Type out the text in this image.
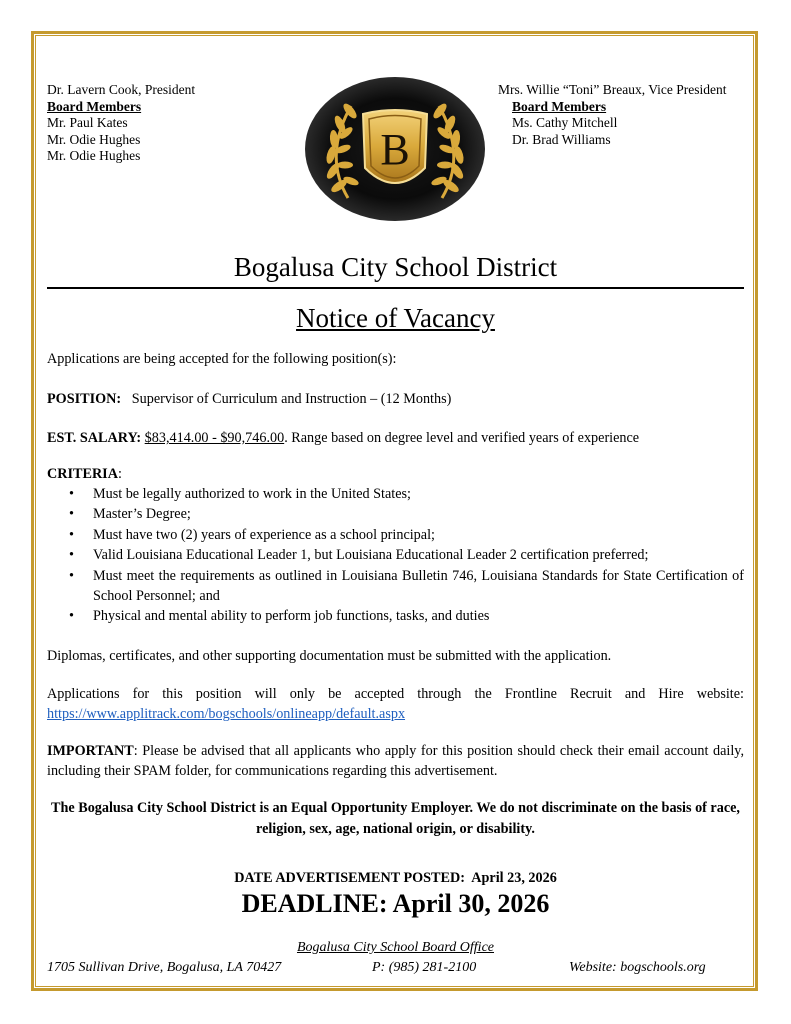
Dr. Lavern Cook, President
Board Members
Mr. Paul Kates
Mr. Odie Hughes
Mr. Odie Hughes
Mrs. Willie “Toni” Breaux, Vice President
Board Members
Ms. Cathy Mitchell
Dr. Brad Williams
B
Bogalusa City School District
Notice of Vacancy
Applications are being accepted for the following position(s):
POSITION: Supervisor of Curriculum and Instruction – (12 Months)
EST. SALARY: $83,414.00 - $90,746.00. Range based on degree level and verified years of experience
CRITERIA:
• Must be legally authorized to work in the United States;
• Master’s Degree;
• Must have two (2) years of experience as a school principal;
• Valid Louisiana Educational Leader 1, but Louisiana Educational Leader 2 certification preferred;
• Must meet the requirements as outlined in Louisiana Bulletin 746, Louisiana Standards for State Certification of School Personnel; and
• Physical and mental ability to perform job functions, tasks, and duties
Diplomas, certificates, and other supporting documentation must be submitted with the application.
Applications for this position will only be accepted through the Frontline Recruit and Hire website: https://www.applitrack.com/bogschools/onlineapp/default.aspx
IMPORTANT: Please be advised that all applicants who apply for this position should check their email account daily, including their SPAM folder, for communications regarding this advertisement.
The Bogalusa City School District is an Equal Opportunity Employer. We do not discriminate on the basis of race, religion, sex, age, national origin, or disability.
DATE ADVERTISEMENT POSTED: April 23, 2026
DEADLINE: April 30, 2026
Bogalusa City School Board Office
1705 Sullivan Drive, Bogalusa, LA 70427	P: (985) 281-2100	Website: bogschools.org
